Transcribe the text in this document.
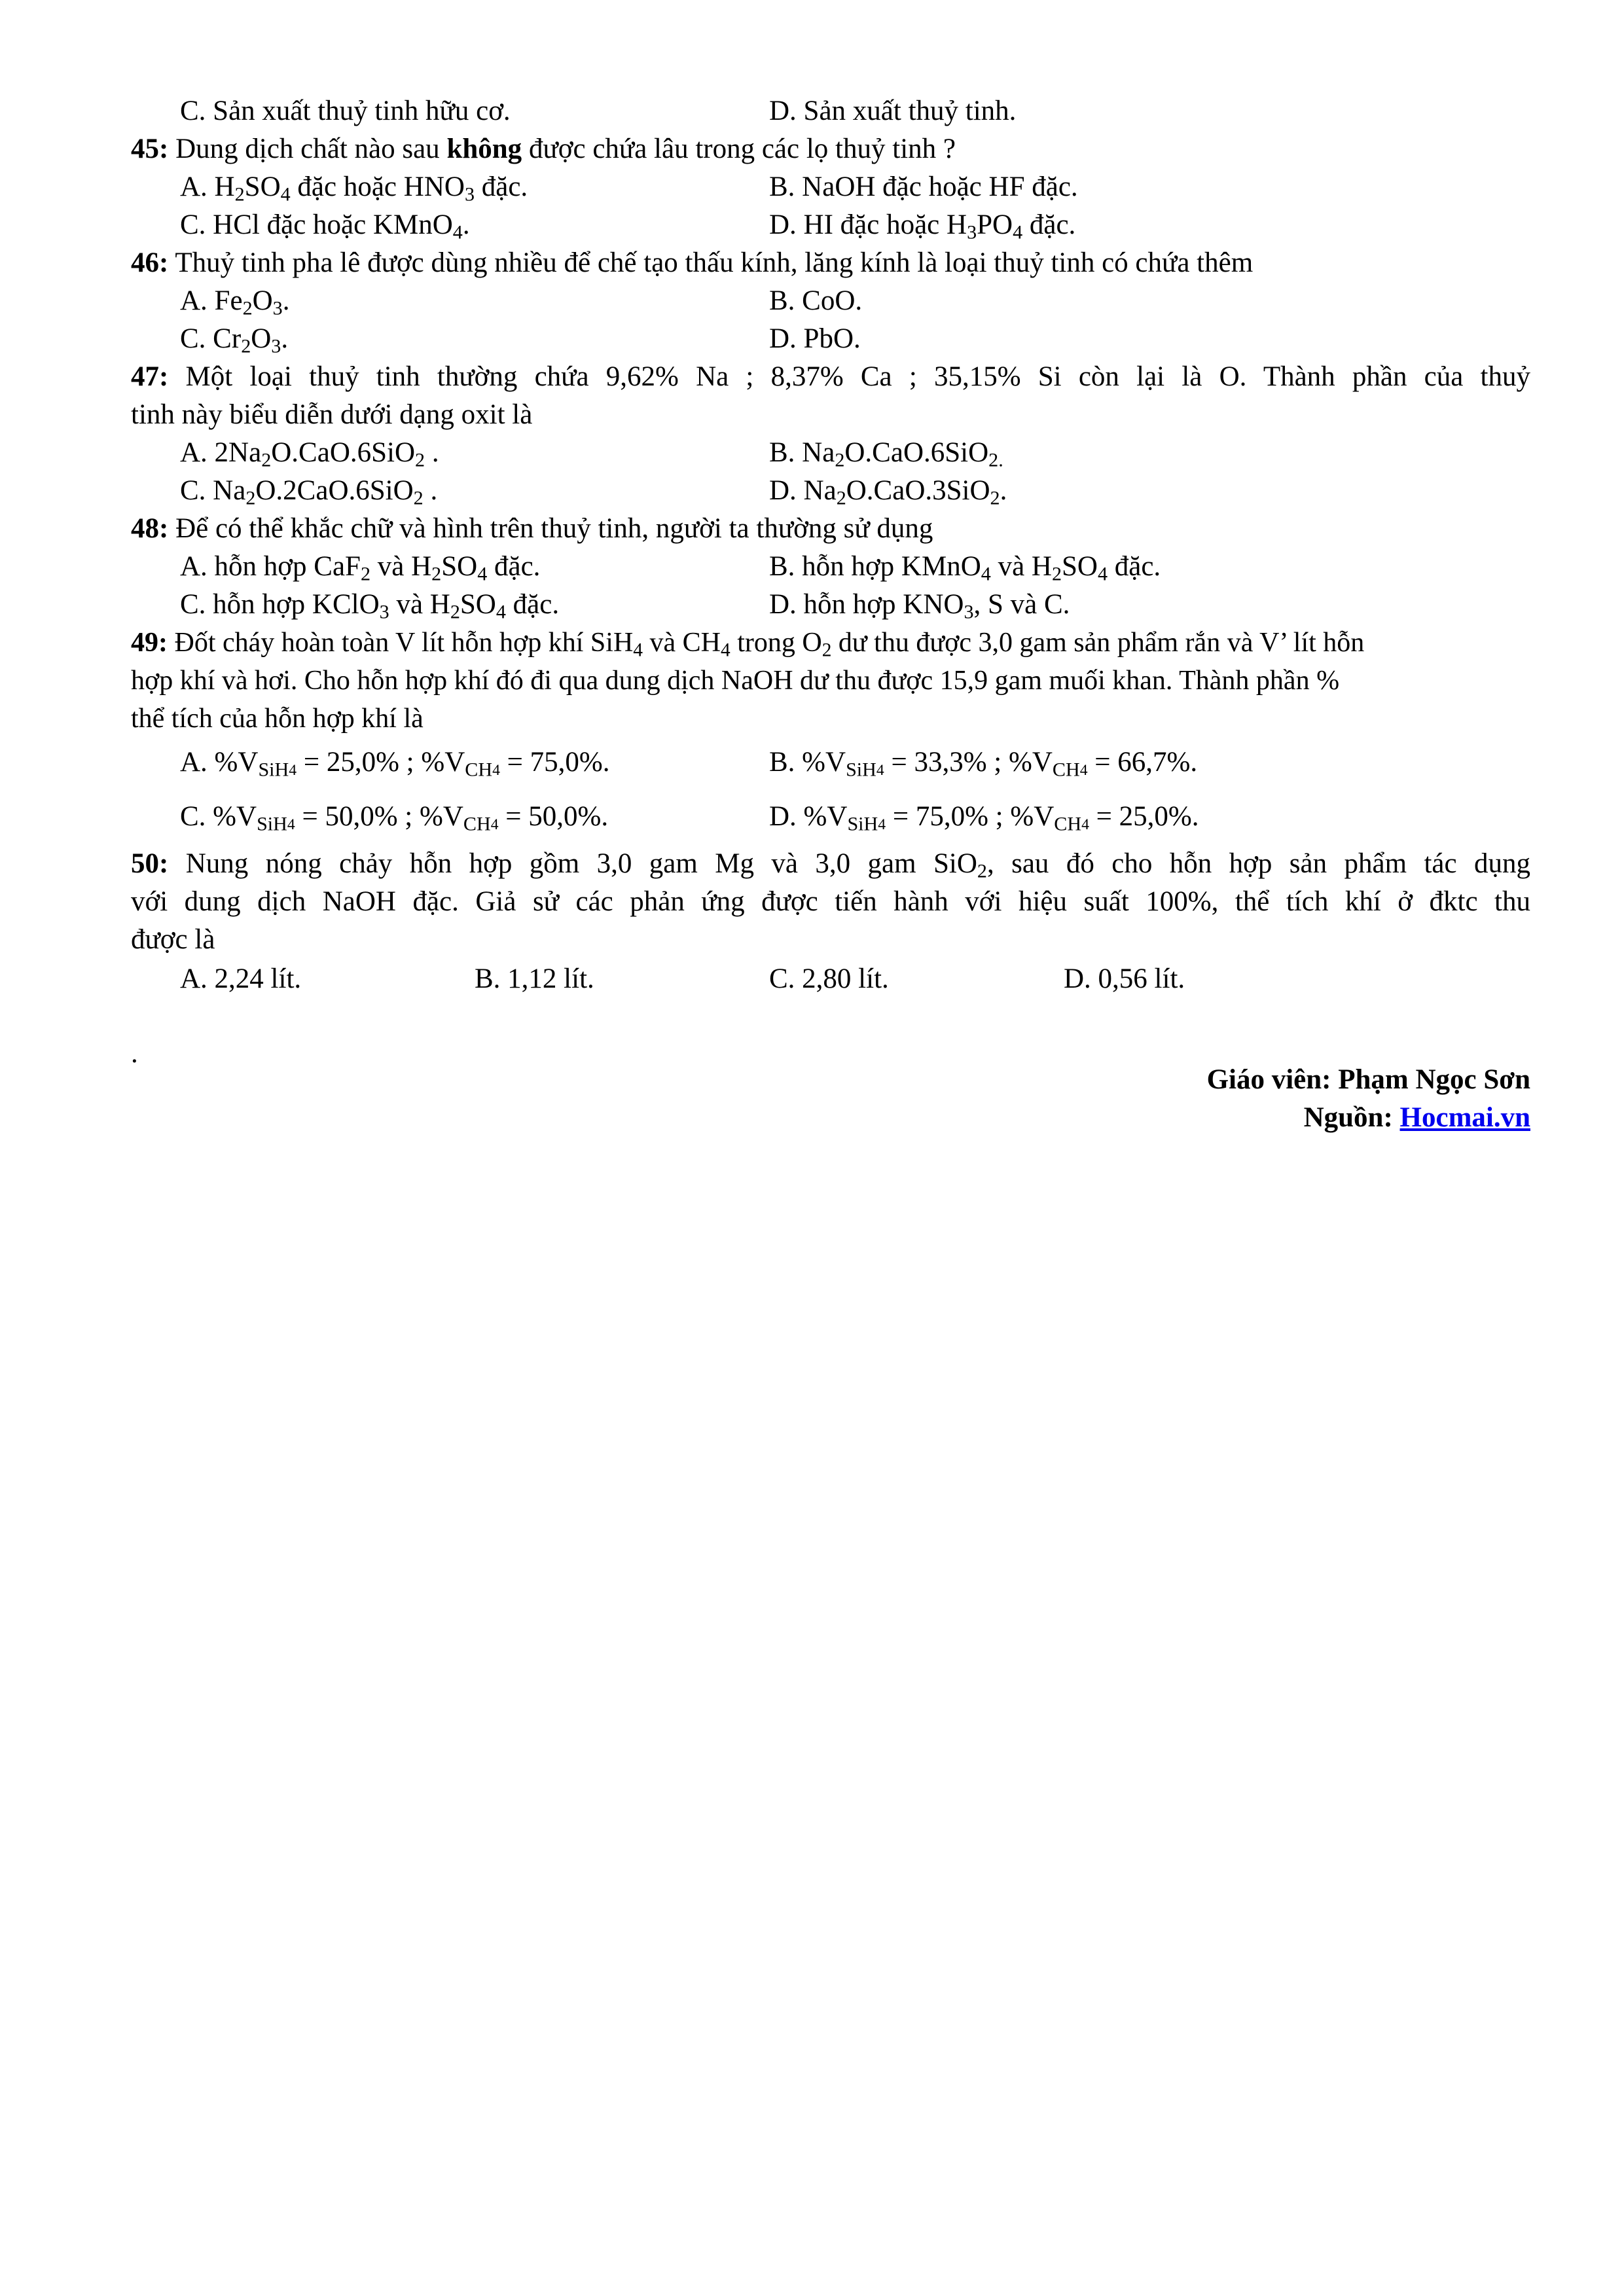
C. Sản xuất thuỷ tinh hữu cơ.	D. Sản xuất thuỷ tinh.
45: Dung dịch chất nào sau không được chứa lâu trong các lọ thuỷ tinh ?
A. $H_2SO_4$ đặc hoặc $HNO_3$ đặc.	B. NaOH đặc hoặc HF đặc.
C. HCl đặc hoặc KMnO$_4$.	D. HI đặc hoặc $H_3PO_4$ đặc.
46: Thuỷ tinh pha lê được dùng nhiều để chế tạo thấu kính, lăng kính là loại thuỷ tinh có chứa thêm
A. $Fe_2O_3$.	B. CoO.
C. $Cr_2O_3$.	D. PbO.
47: Một loại thuỷ tinh thường chứa 9,62% Na ; 8,37% Ca ; 35,15% Si còn lại là O. Thành phần của thuỷ
tinh này biểu diễn dưới dạng oxit là
A. $2Na_2O.CaO.6SiO_2$ .	B. $Na_2O.CaO.6SiO_{2.}$
C. $Na_2O.2CaO.6SiO_2$ .	D. $Na_2O.CaO.3SiO_2$.
48: Để có thể khắc chữ và hình trên thuỷ tinh, người ta thường sử dụng
A. hỗn hợp CaF$_2$ và $H_2SO_4$ đặc.	B. hỗn hợp KMnO$_4$ và $H_2SO_4$ đặc.
C. hỗn hợp KClO$_3$ và $H_2SO_4$ đặc.	D. hỗn hợp $KNO_3$, S và C.
49: Đốt cháy hoàn toàn V lít hỗn hợp khí SiH$_4$ và $CH_4$ trong $O_2$ dư thu được 3,0 gam sản phẩm rắn và V’ lít hỗn
hợp khí và hơi. Cho hỗn hợp khí đó đi qua dung dịch NaOH dư thu được 15,9 gam muối khan. Thành phần %
thể tích của hỗn hợp khí là
A. $\%V_{SiH4} = 25,0\%$ ; $\%V_{CH4} = 75,0\%$.	B. $\%V_{SiH4} = 33,3\%$ ; $\%V_{CH4} = 66,7\%$.
C. $\%V_{SiH4} = 50,0\%$ ; $\%V_{CH4} = 50,0\%$.	D. $\%V_{SiH4} = 75,0\%$ ; $\%V_{CH4} = 25,0\%$.
50: Nung nóng chảy hỗn hợp gồm 3,0 gam Mg và 3,0 gam SiO$_2$, sau đó cho hỗn hợp sản phẩm tác dụng
với dung dịch NaOH đặc. Giả sử các phản ứng được tiến hành với hiệu suất 100%, thể tích khí ở đktc thu
được là
A. 2,24 lít.	B. 1,12 lít.	C. 2,80 lít.	D. 0,56 lít.
.
Giáo viên: Phạm Ngọc Sơn
Nguồn: Hocmai.vn
